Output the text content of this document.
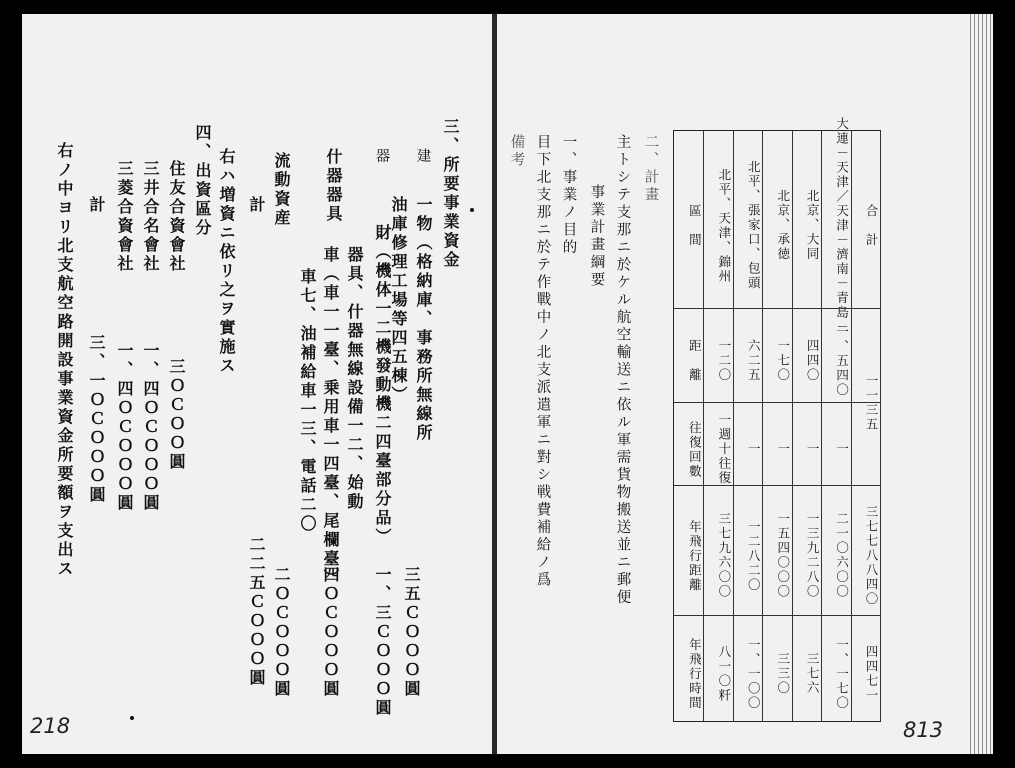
三、所要事業資金
建
一物（格納庫、事務所無線所
油庫修理工場等四五棟）
三五ＣＯＯＯ圓
器
財（機体一二機發動機二四臺部分品）
一、三ＣＯＯＯ圓
什器器具
器具、什器無線設備一二、始動
車（車一一臺、乗用車一四臺、尾欄臺）
車七、油補給車一三、電話二〇
四ＯＣＯＯＯ圓
流動資産
二ＯＣＯＯＯ圓
計
二二五ＣＯＯＯ圓
右ハ増資ニ依リ之ヲ實施ス
四、出資區分
住友合資會社
三ＯＣＯＯ圓
三井合名會社
一、四ＯＣＯＯＯ圓
三菱合資會社
一、四ＯＣＯＯＯ圓
計
三、一ＯＣＯＯＯ圓
右ノ中ヨリ北支航空路開設事業資金所要額ヲ支出ス
218
二、計畫
主トシテ支那ニ於ケル航空輸送ニ依ル軍需貨物搬送並ニ郵便
事業計畫綱要
一、事業ノ目的
目下北支那ニ於テ作戰中ノ北支派遣軍ニ對シ戦費補給ノ爲
備考
區　間
距　離
往復回數
年飛行距離
年飛行時間
北平、天津、錦州
一二〇
一週十往復
三七九六〇〇
八一〇粁
北平、張家口、包頭
六二五
一
一二八二〇
一、一〇〇
北京、承徳
一七〇
一
一五四〇〇〇
三三〇
北京、大同
四四〇
一
一三九二八〇
三七六
大連－天津／天津－濟南－青島－
一、五四〇
一
二一〇六〇〇
一、一七〇
合　計
一一三五
三七七八八四〇
四四七一
813
